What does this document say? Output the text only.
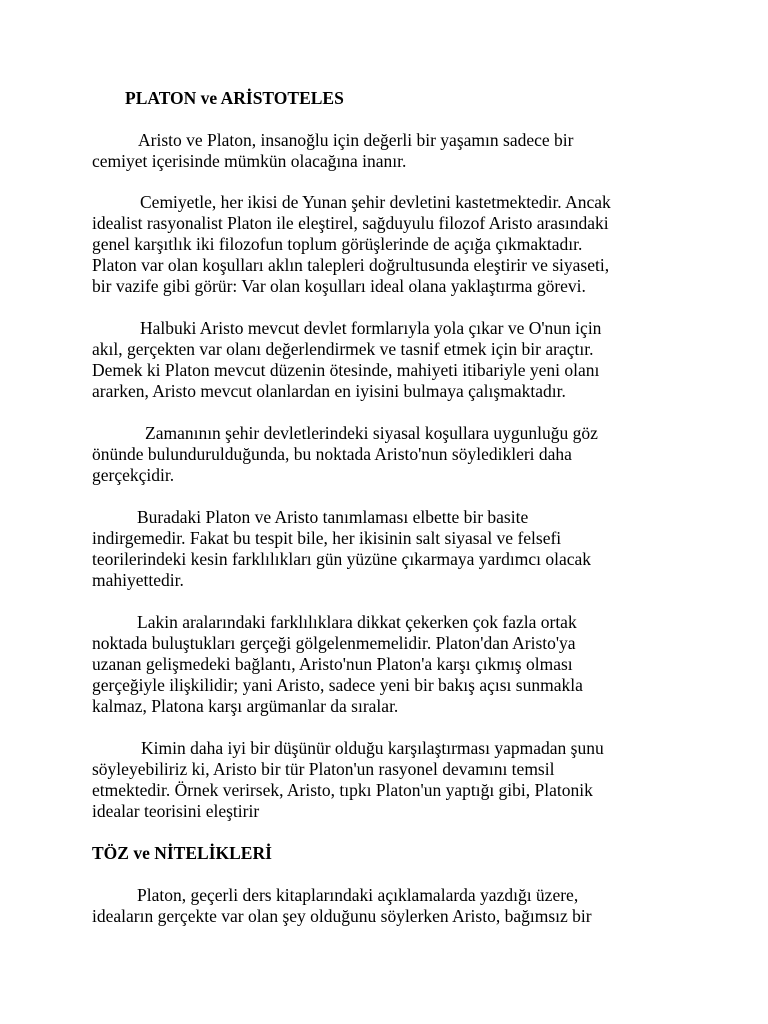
PLATON ve ARİSTOTELES
Aristo ve Platon, insanoğlu için değerli bir yaşamın sadece bir
cemiyet içerisinde mümkün olacağına inanır.
Cemiyetle, her ikisi de Yunan şehir devletini kastetmektedir. Ancak
idealist rasyonalist Platon ile eleştirel, sağduyulu filozof Aristo arasındaki
genel karşıtlık iki filozofun toplum görüşlerinde de açığa çıkmaktadır.
Platon var olan koşulları aklın talepleri doğrultusunda eleştirir ve siyaseti,
bir vazife gibi görür: Var olan koşulları ideal olana yaklaştırma görevi.
Halbuki Aristo mevcut devlet formlarıyla yola çıkar ve O'nun için
akıl, gerçekten var olanı değerlendirmek ve tasnif etmek için bir araçtır.
Demek ki Platon mevcut düzenin ötesinde, mahiyeti itibariyle yeni olanı
ararken, Aristo mevcut olanlardan en iyisini bulmaya çalışmaktadır.
Zamanının şehir devletlerindeki siyasal koşullara uygunluğu göz
önünde bulundurulduğunda, bu noktada Aristo'nun söyledikleri daha
gerçekçidir.
Buradaki Platon ve Aristo tanımlaması elbette bir basite
indirgemedir. Fakat bu tespit bile, her ikisinin salt siyasal ve felsefi
teorilerindeki kesin farklılıkları gün yüzüne çıkarmaya yardımcı olacak
mahiyettedir.
Lakin aralarındaki farklılıklara dikkat çekerken çok fazla ortak
noktada buluştukları gerçeği gölgelenmemelidir. Platon'dan Aristo'ya
uzanan gelişmedeki bağlantı, Aristo'nun Platon'a karşı çıkmış olması
gerçeğiyle ilişkilidir; yani Aristo, sadece yeni bir bakış açısı sunmakla
kalmaz, Platona karşı argümanlar da sıralar.
Kimin daha iyi bir düşünür olduğu karşılaştırması yapmadan şunu
söyleyebiliriz ki, Aristo bir tür Platon'un rasyonel devamını temsil
etmektedir. Örnek verirsek, Aristo, tıpkı Platon'un yaptığı gibi, Platonik
idealar teorisini eleştirir
TÖZ ve NİTELİKLERİ
Platon, geçerli ders kitaplarındaki açıklamalarda yazdığı üzere,
ideaların gerçekte var olan şey olduğunu söylerken Aristo, bağımsız bir
